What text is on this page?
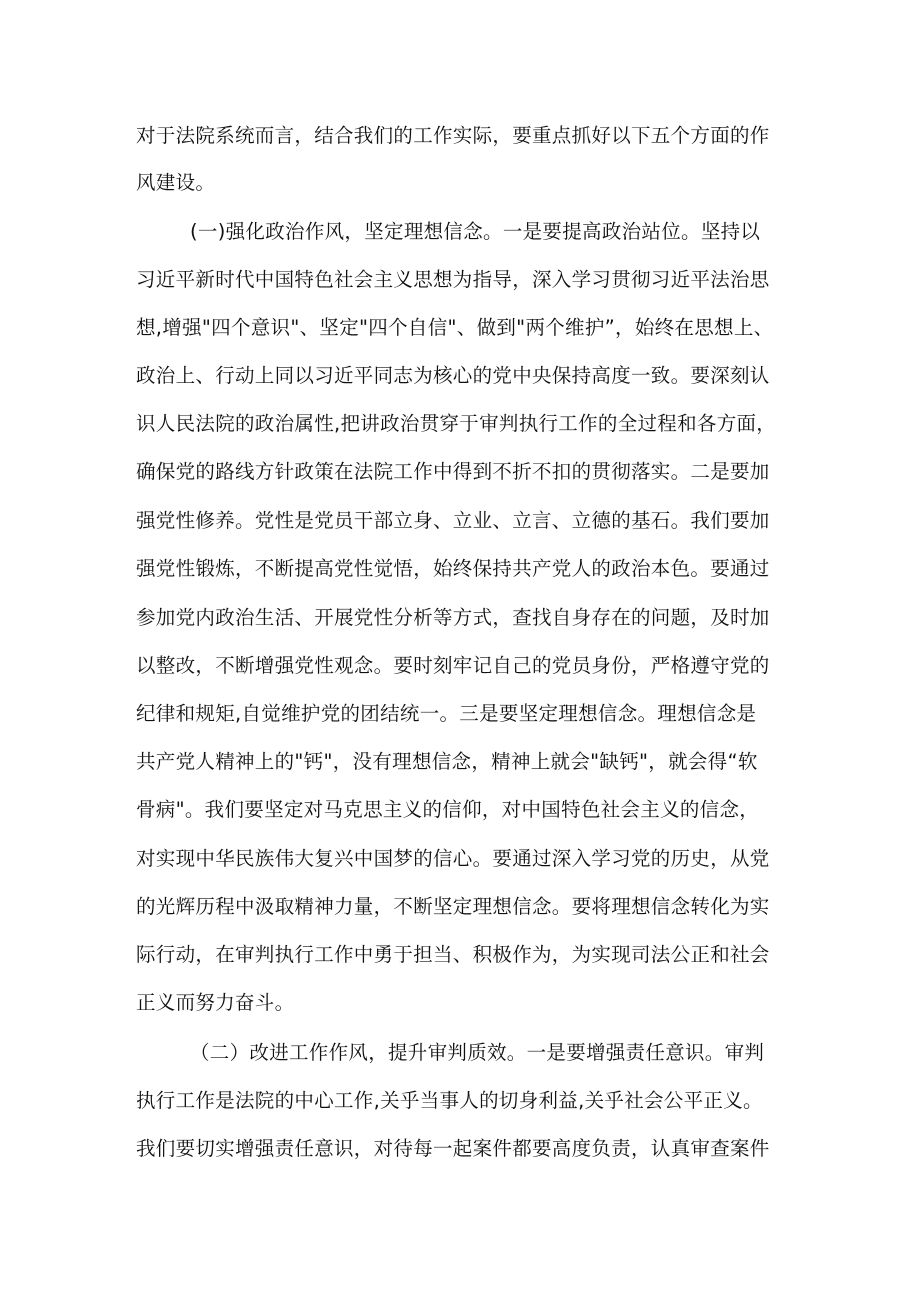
对于法院系统而言，结合我们的工作实际，要重点抓好以下五个方面的作
风建设。
(一)强化政治作风，坚定理想信念。一是要提高政治站位。坚持以
习近平新时代中国特色社会主义思想为指导，深入学习贯彻习近平法治思
想,增强"四个意识"、坚定"四个自信"、做到"两个维护”，始终在思想上、
政治上、行动上同以习近平同志为核心的党中央保持高度一致。要深刻认
识人民法院的政治属性,把讲政治贯穿于审判执行工作的全过程和各方面，
确保党的路线方针政策在法院工作中得到不折不扣的贯彻落实。二是要加
强党性修养。党性是党员干部立身、立业、立言、立德的基石。我们要加
强党性锻炼，不断提高党性觉悟，始终保持共产党人的政治本色。要通过
参加党内政治生活、开展党性分析等方式，查找自身存在的问题，及时加
以整改，不断增强党性观念。要时刻牢记自己的党员身份，严格遵守党的
纪律和规矩,自觉维护党的团结统一。三是要坚定理想信念。理想信念是
共产党人精神上的"钙"，没有理想信念，精神上就会"缺钙"，就会得“软
骨病"。我们要坚定对马克思主义的信仰，对中国特色社会主义的信念，
对实现中华民族伟大复兴中国梦的信心。要通过深入学习党的历史，从党
的光辉历程中汲取精神力量，不断坚定理想信念。要将理想信念转化为实
际行动，在审判执行工作中勇于担当、积极作为，为实现司法公正和社会
正义而努力奋斗。
（二）改进工作作风，提升审判质效。一是要增强责任意识。审判
执行工作是法院的中心工作,关乎当事人的切身利益,关乎社会公平正义。
我们要切实增强责任意识，对待每一起案件都要高度负责，认真审查案件
